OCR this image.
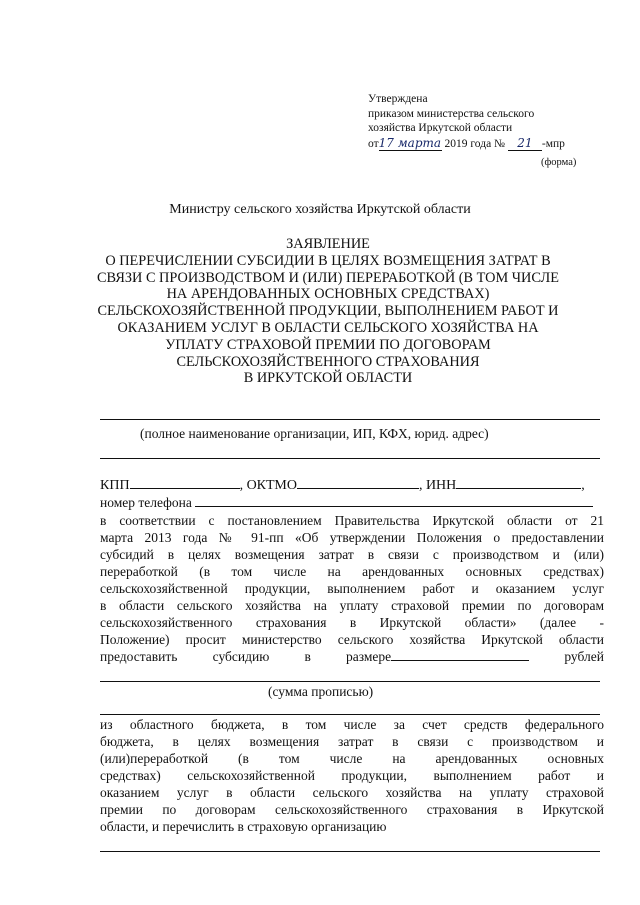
Утверждена
приказом министерства сельского
хозяйства Иркутской области
от17 марта 2019 года № 21 -мпр
(форма)
Министру сельского хозяйства Иркутской области
ЗАЯВЛЕНИЕ
О ПЕРЕЧИСЛЕНИИ СУБСИДИИ В ЦЕЛЯХ ВОЗМЕЩЕНИЯ ЗАТРАТ В
СВЯЗИ С ПРОИЗВОДСТВОМ И (ИЛИ) ПЕРЕРАБОТКОЙ (В ТОМ ЧИСЛЕ
НА АРЕНДОВАННЫХ ОСНОВНЫХ СРЕДСТВАХ)
СЕЛЬСКОХОЗЯЙСТВЕННОЙ ПРОДУКЦИИ, ВЫПОЛНЕНИЕМ РАБОТ И
ОКАЗАНИЕМ УСЛУГ В ОБЛАСТИ СЕЛЬСКОГО ХОЗЯЙСТВА НА
УПЛАТУ СТРАХОВОЙ ПРЕМИИ ПО ДОГОВОРАМ
СЕЛЬСКОХОЗЯЙСТВЕННОГО СТРАХОВАНИЯ
В ИРКУТСКОЙ ОБЛАСТИ
(полное наименование организации, ИП, КФХ, юрид. адрес)
КПП	, ОКТМО	, ИНН	,
номер телефона
в соответствии с постановлением Правительства Иркутской области от 21
марта 2013 года № 91-пп «Об утверждении Положения о предоставлении
субсидий в целях возмещения затрат в связи с производством и (или)
переработкой (в том числе на арендованных основных средствах)
сельскохозяйственной продукции, выполнением работ и оказанием услуг
в области сельского хозяйства на уплату страховой премии по договорам
сельскохозяйственного страхования в Иркутской области» (далее -
Положение) просит министерство сельского хозяйства Иркутской области
предоставить	субсидию	в	размере	рублей
(сумма прописью)
из областного бюджета, в том числе за счет средств федерального
бюджета, в целях возмещения затрат в связи с производством и
(или)переработкой (в том числе на арендованных основных
средствах) сельскохозяйственной продукции, выполнением работ и
оказанием услуг в области сельского хозяйства на уплату страховой
премии по договорам сельскохозяйственного страхования в Иркутской
области, и перечислить в страховую организацию
